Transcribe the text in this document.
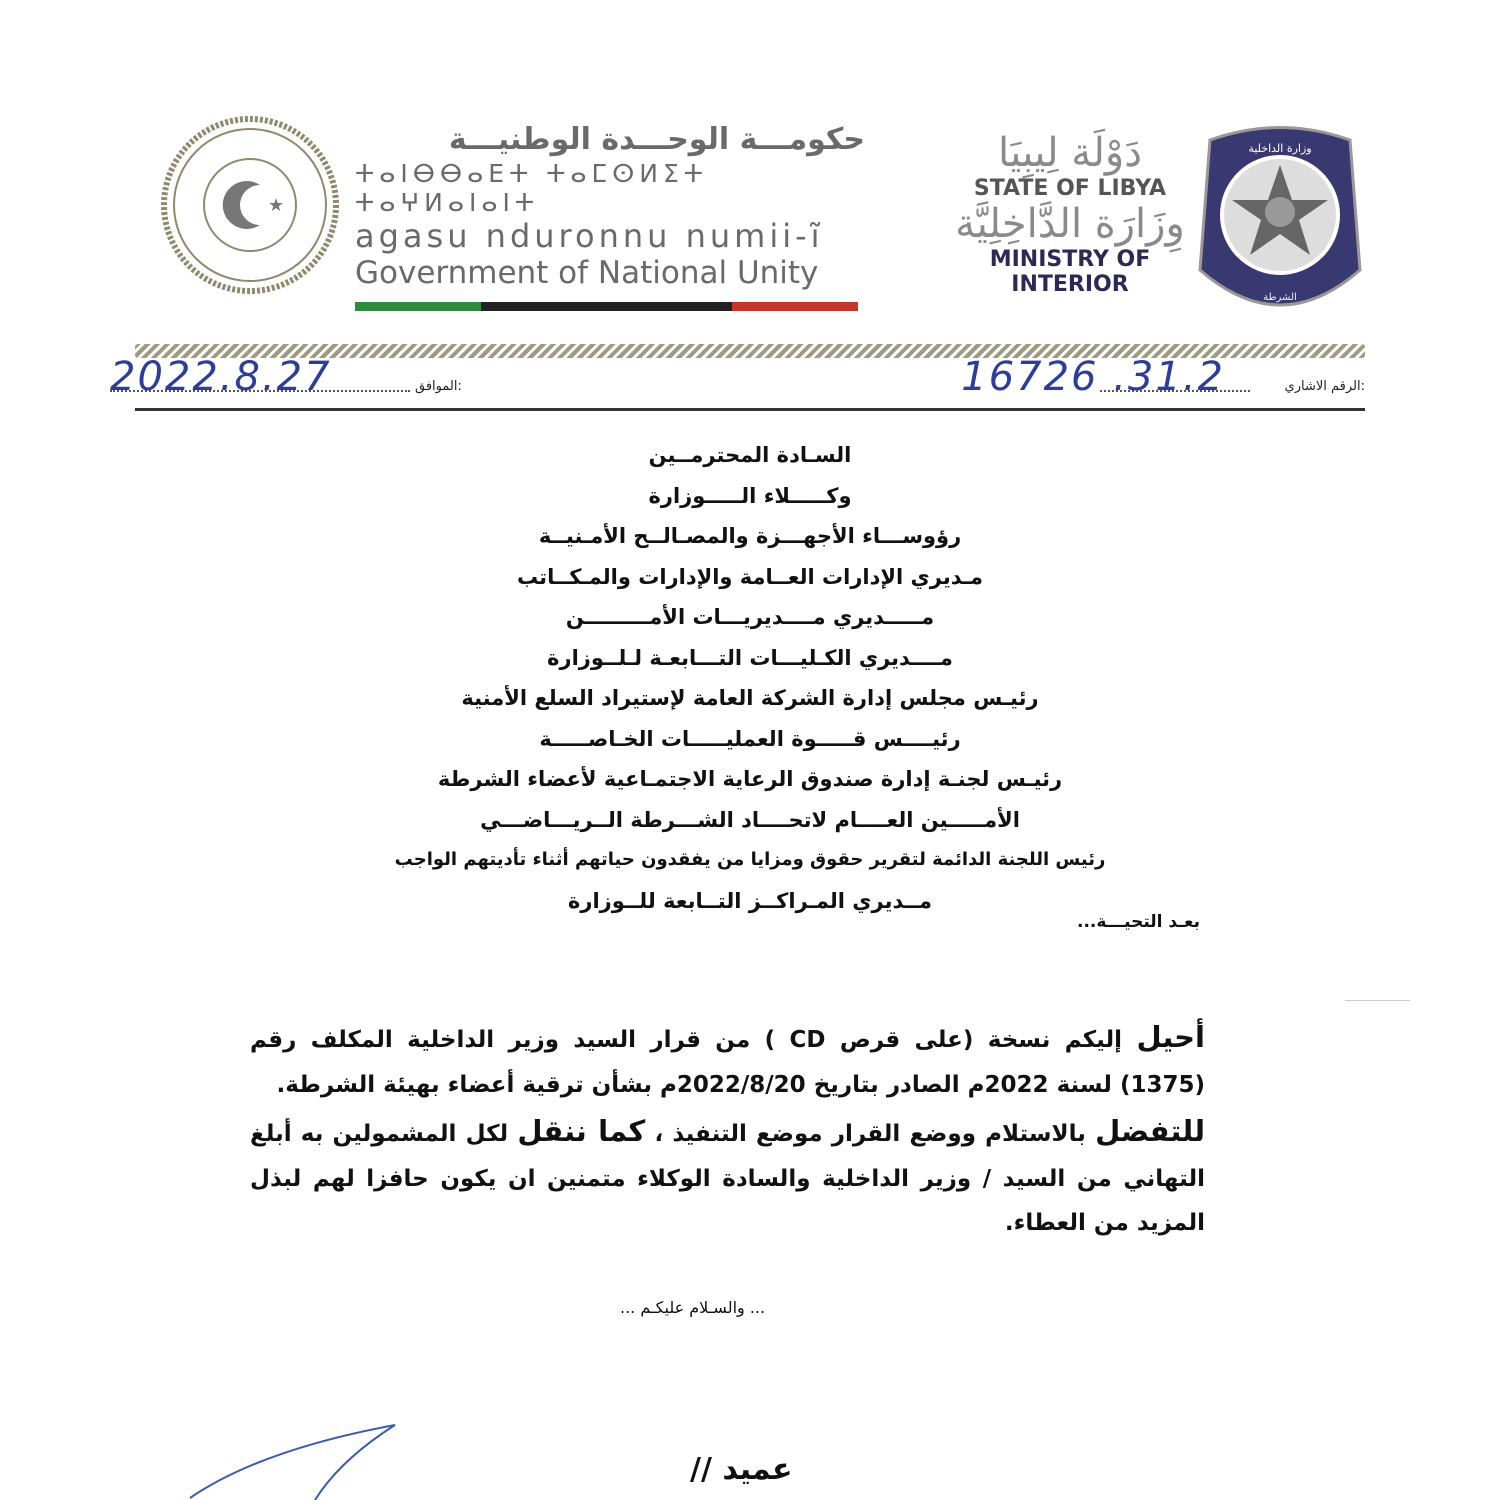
★
حكومـــة الوحـــدة الوطنيـــة
ⵜⴰⵏⴱⴱⴰⴹⵜ ⵜⴰⵎⵙⵍⵉⵜ ⵜⴰⵖⵍⴰⵏⴰⵏⵜ
agasu nduronnu numii-ĩ
Government of National Unity
دَوْلَة لِيبِيَا
STATE OF LIBYA
وِزَارَة الدَّاخِلِيَّة
MINISTRY OF INTERIOR
وزارة الداخلية
الشرطة
الرقم الاشاري:
16726 .31.2
الموافق:
2022.8.27
السـادة المحترمــين
وكـــــلاء الـــــوزارة
رؤوســـاء الأجهـــزة والمصـالــح الأمـنيــة
مـديري الإدارات العــامة والإدارات والمـكــاتب
مـــــديري مــــديريـــات الأمـــــــــن
مــــديري الكـليـــات التـــابعـة لـلــوزارة
رئيـس مجلس إدارة الشركة العامة لإستيراد السلع الأمنية
رئيــــس قـــــوة العمليـــــات الخـاصـــــة
رئيـس لجنـة إدارة صندوق الرعاية الاجتمـاعية لأعضاء الشرطة
الأمـــــين العــــام لاتحــــاد الشـــرطة الــريـــاضـــي
رئيس اللجنة الدائمة لتقرير حقوق ومزايا من يفقدون حياتهم أثناء تأديتهم الواجب
مــديري المـراكــز التــابعة للــوزارة
بعـد التحيـــة...

أحيل إليكم نسخة (على قرص CD ) من قرار السيد وزير الداخلية المكلف رقم (1375) لسنة 2022م الصادر بتاريخ 2022/8/20م بشأن ترقية أعضاء بهيئة الشرطة.

للتفضل بالاستلام ووضع القرار موضع التنفيذ ، كما ننقل لكل المشمولين به أبلغ التهاني من السيد / وزير الداخلية والسادة الوكلاء متمنين ان يكون حافزا لهم لبذل المزيد من العطاء.

... والسـلام عليكـم ...
عميد //
